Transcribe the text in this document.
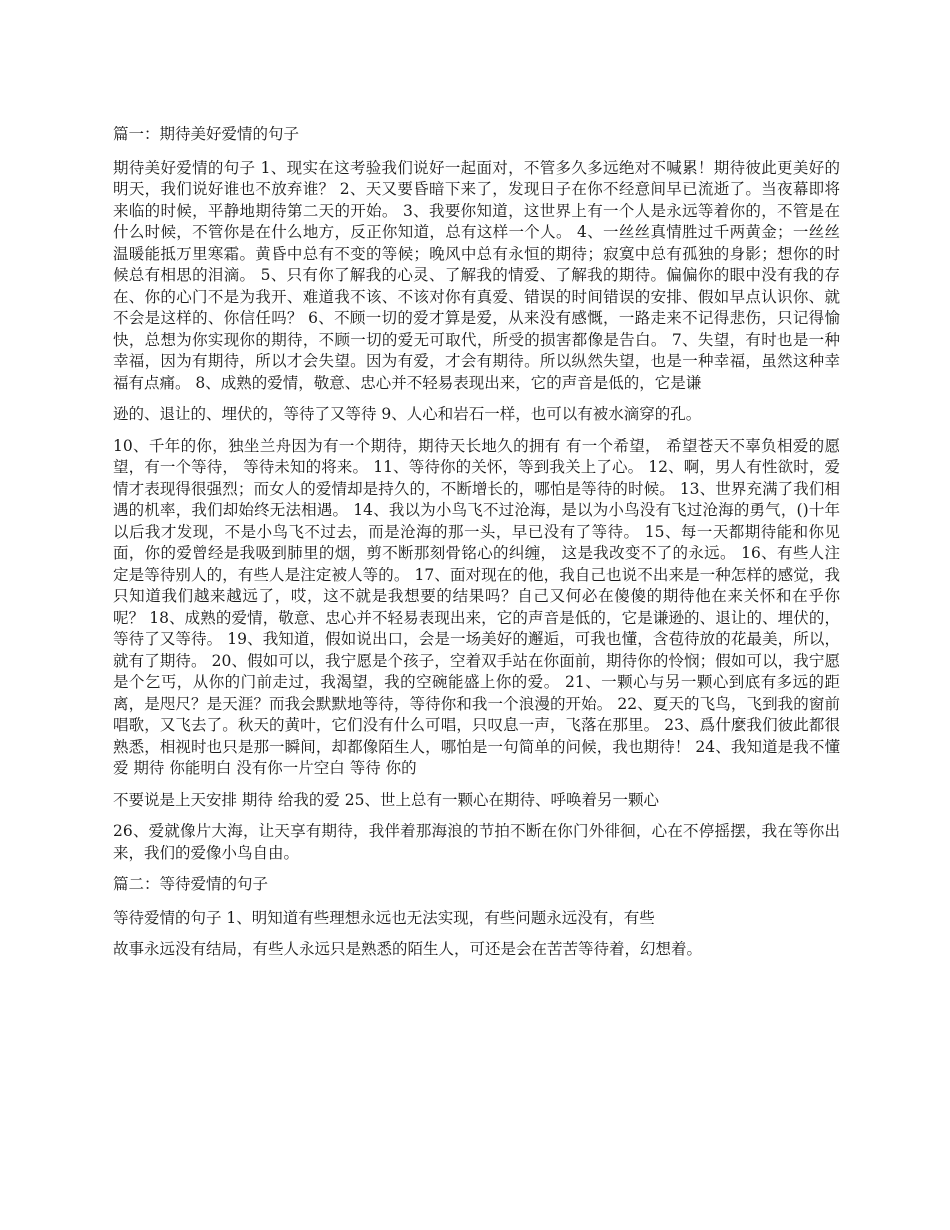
篇一：期待美好爱情的句子

期待美好爱情的句子 1、现实在这考验我们说好一起面对，不管多久多远绝对不喊累！期待彼此更美好的明天，我们说好谁也不放弃谁？ 2、天又要昏暗下来了，发现日子在你不经意间早已流逝了。当夜幕即将来临的时候，平静地期待第二天的开始。 3、我要你知道，这世界上有一个人是永远等着你的，不管是在什么时候，不管你是在什么地方，反正你知道，总有这样一个人。 4、一丝丝真情胜过千两黄金；一丝丝温暖能抵万里寒霜。黄昏中总有不变的等候；晚风中总有永恒的期待；寂寞中总有孤独的身影；想你的时候总有相思的泪滴。 5、只有你了解我的心灵、了解我的情爱、了解我的期待。偏偏你的眼中没有我的存在、你的心门不是为我开、难道我不该、不该对你有真爱、错误的时间错误的安排、假如早点认识你、就不会是这样的、你信任吗？ 6、不顾一切的爱才算是爱，从来没有感慨，一路走来不记得悲伤，只记得愉快，总想为你实现你的期待，不顾一切的爱无可取代，所受的损害都像是告白。 7、失望，有时也是一种幸福，因为有期待，所以才会失望。因为有爱，才会有期待。所以纵然失望，也是一种幸福，虽然这种幸福有点痛。 8、成熟的爱情，敬意、忠心并不轻易表现出来，它的声音是低的，它是谦

逊的、退让的、埋伏的，等待了又等待 9、人心和岩石一样，也可以有被水滴穿的孔。

10、千年的你，独坐兰舟因为有一个期待，期待天长地久的拥有 有一个希望， 希望苍天不辜负相爱的愿望，有一个等待， 等待未知的将来。 11、等待你的关怀，等到我关上了心。 12、啊，男人有性欲时，爱情才表现得很强烈；而女人的爱情却是持久的，不断增长的，哪怕是等待的时候。 13、世界充满了我们相遇的机率，我们却始终无法相遇。 14、我以为小鸟飞不过沧海，是以为小鸟没有飞过沧海的勇气，()十年以后我才发现，不是小鸟飞不过去，而是沧海的那一头，早已没有了等待。 15、每一天都期待能和你见面，你的爱曾经是我吸到肺里的烟，剪不断那刻骨铭心的纠缠， 这是我改变不了的永远。 16、有些人注定是等待别人的，有些人是注定被人等的。 17、面对现在的他，我自己也说不出来是一种怎样的感觉，我只知道我们越来越远了，哎，这不就是我想要的结果吗？自己又何必在傻傻的期待他在来关怀和在乎你呢？ 18、成熟的爱情，敬意、忠心并不轻易表现出来，它的声音是低的，它是谦逊的、退让的、埋伏的，等待了又等待。 19、我知道，假如说出口，会是一场美好的邂逅，可我也懂，含苞待放的花最美，所以，就有了期待。 20、假如可以，我宁愿是个孩子，空着双手站在你面前，期待你的怜悯；假如可以，我宁愿是个乞丐，从你的门前走过，我渴望，我的空碗能盛上你的爱。 21、一颗心与另一颗心到底有多远的距离，是咫尺？是天涯？而我会默默地等待，等待你和我一个浪漫的开始。 22、夏天的飞鸟，飞到我的窗前唱歌，又飞去了。秋天的黄叶，它们没有什么可唱，只叹息一声，飞落在那里。 23、爲什麼我们彼此都很熟悉，相视时也只是那一瞬间，却都像陌生人，哪怕是一句简单的问候，我也期待！ 24、我知道是我不懂爱 期待 你能明白 没有你一片空白 等待 你的

不要说是上天安排 期待 给我的爱 25、世上总有一颗心在期待、呼唤着另一颗心

26、爱就像片大海，让天享有期待，我伴着那海浪的节拍不断在你门外徘徊，心在不停摇摆，我在等你出来，我们的爱像小鸟自由。

篇二：等待爱情的句子

等待爱情的句子 1、明知道有些理想永远也无法实现，有些问题永远没有，有些

故事永远没有结局，有些人永远只是熟悉的陌生人，可还是会在苦苦等待着，幻想着。
